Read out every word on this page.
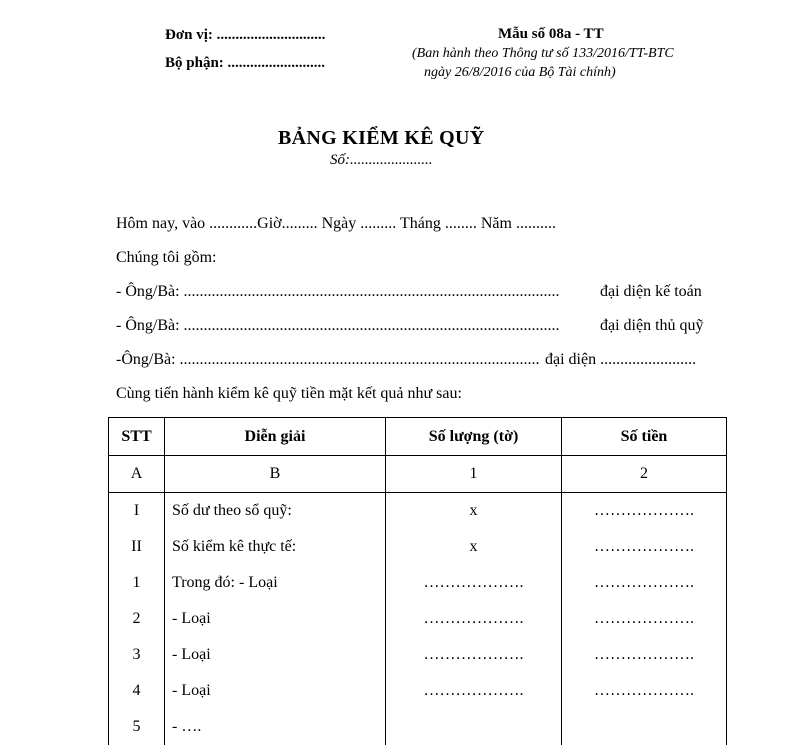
Đơn vị: .............................
Bộ phận: ..........................
Mẫu số 08a - TT
(Ban hành theo Thông tư số 133/2016/TT-BTC
ngày 26/8/2016 của Bộ Tài chính)
BẢNG KIỂM KÊ QUỸ
Số:......................
Hôm nay, vào ............Giờ......... Ngày ......... Tháng ........ Năm ..........
Chúng tôi gồm:
- Ông/Bà: ..............................................................................................	đại diện kế toán
- Ông/Bà: ..............................................................................................	đại diện thủ quỹ
-Ông/Bà: .......................................................................................... đại diện ........................
Cùng tiến hành kiểm kê quỹ tiền mặt kết quả như sau:
STT	Diễn giải	Số lượng (tờ)	Số tiền
A	B	1	2
I	Số dư theo sổ quỹ:	x	……………….
II	Số kiểm kê thực tế:	x	……………….
1	Trong đó: - Loại	……………….	……………….
2	- Loại	……………….	……………….
3	- Loại	……………….	……………….
4	- Loại	……………….	……………….
5	- ….		
